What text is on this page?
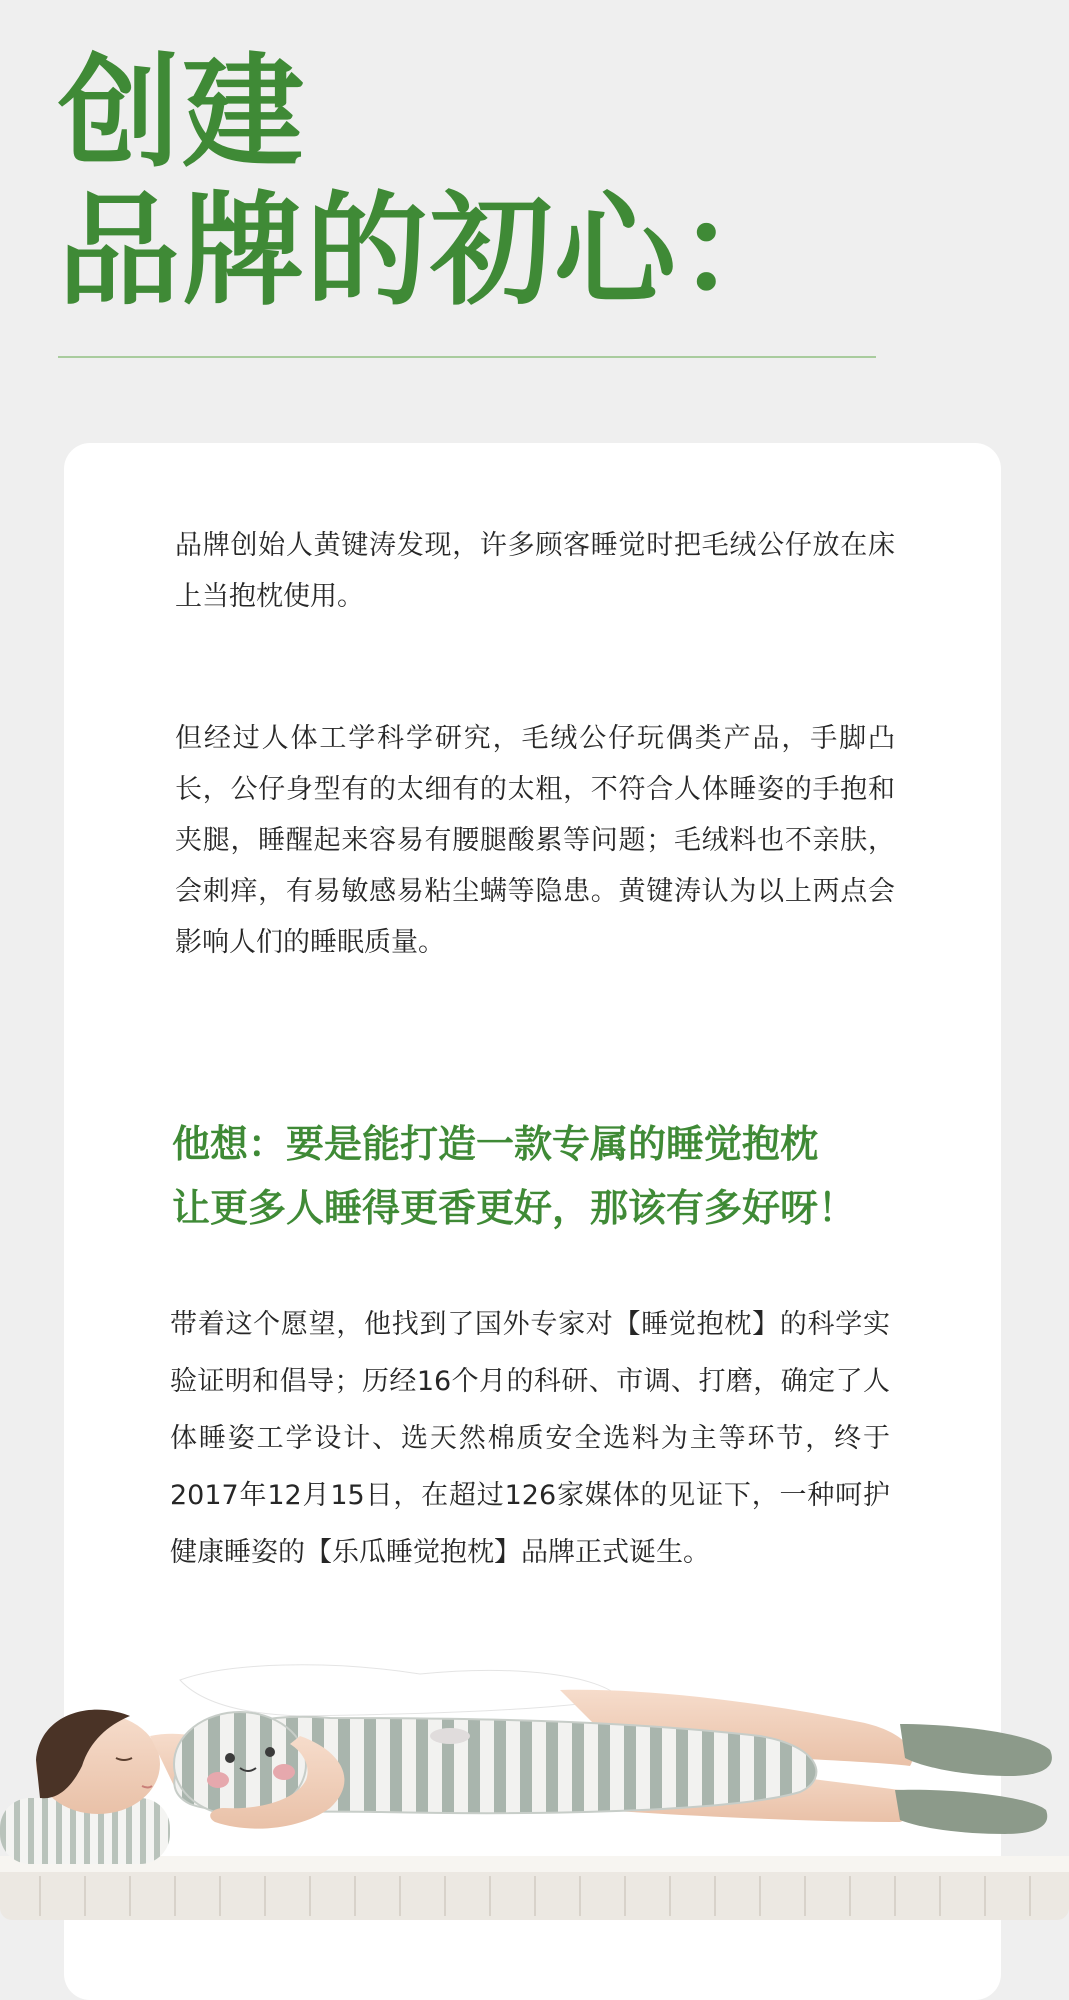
创建
品牌的初心：

品牌创始人黄键涛发现，许多顾客睡觉时把毛绒公仔放在床上当抱枕使用。

但经过人体工学科学研究，毛绒公仔玩偶类产品，手脚凸长，公仔身型有的太细有的太粗，不符合人体睡姿的手抱和夹腿，睡醒起来容易有腰腿酸累等问题；毛绒料也不亲肤，会刺痒，有易敏感易粘尘螨等隐患。黄键涛认为以上两点会影响人们的睡眠质量。

他想：要是能打造一款专属的睡觉抱枕

让更多人睡得更香更好，那该有多好呀！

带着这个愿望，他找到了国外专家对【睡觉抱枕】的科学实验证明和倡导；历经16个月的科研、市调、打磨，确定了人体睡姿工学设计、选天然棉质安全选料为主等环节，终于2017年12月15日，在超过126家媒体的见证下，一种呵护健康睡姿的【乐瓜睡觉抱枕】品牌正式诞生。
